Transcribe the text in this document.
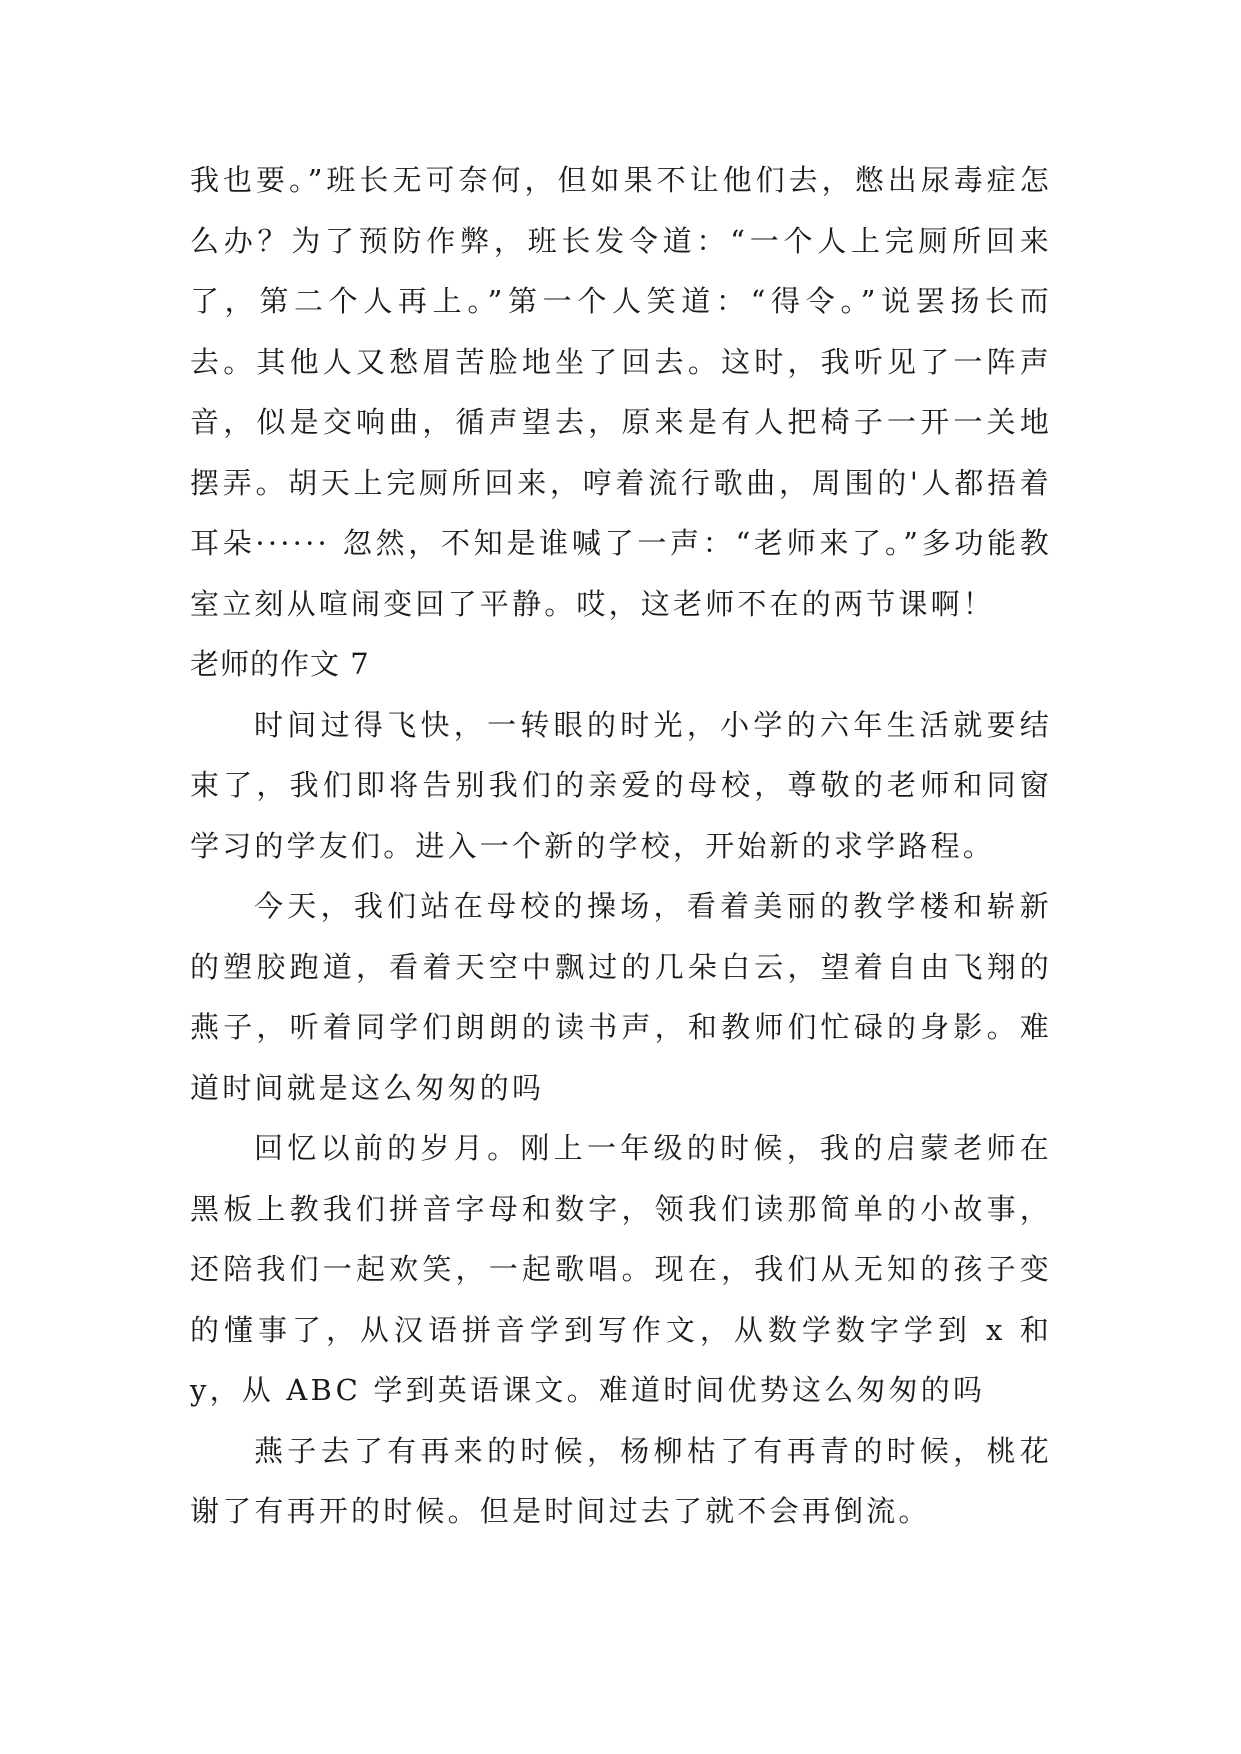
我也要。”班长无可奈何，但如果不让他们去，憋出尿毒症怎么办？为了预防作弊，班长发令道：“一个人上完厕所回来了，第二个人再上。”第一个人笑道：“得令。”说罢扬长而去。其他人又愁眉苦脸地坐了回去。这时，我听见了一阵声音，似是交响曲，循声望去，原来是有人把椅子一开一关地摆弄。胡天上完厕所回来，哼着流行歌曲，周围的'人都捂着耳朵······ 忽然，不知是谁喊了一声：“老师来了。”多功能教室立刻从喧闹变回了平静。哎，这老师不在的两节课啊！

老师的作文 7

时间过得飞快，一转眼的时光，小学的六年生活就要结束了，我们即将告别我们的亲爱的母校，尊敬的老师和同窗学习的学友们。进入一个新的学校，开始新的求学路程。

今天，我们站在母校的操场，看着美丽的教学楼和崭新的塑胶跑道，看着天空中飘过的几朵白云，望着自由飞翔的燕子，听着同学们朗朗的读书声，和教师们忙碌的身影。难道时间就是这么匆匆的吗

回忆以前的岁月。刚上一年级的时候，我的启蒙老师在黑板上教我们拼音字母和数字，领我们读那简单的小故事，还陪我们一起欢笑，一起歌唱。现在，我们从无知的孩子变的懂事了，从汉语拼音学到写作文，从数学数字学到 x 和 y，从 ABC 学到英语课文。难道时间优势这么匆匆的吗

燕子去了有再来的时候，杨柳枯了有再青的时候，桃花谢了有再开的时候。但是时间过去了就不会再倒流。
